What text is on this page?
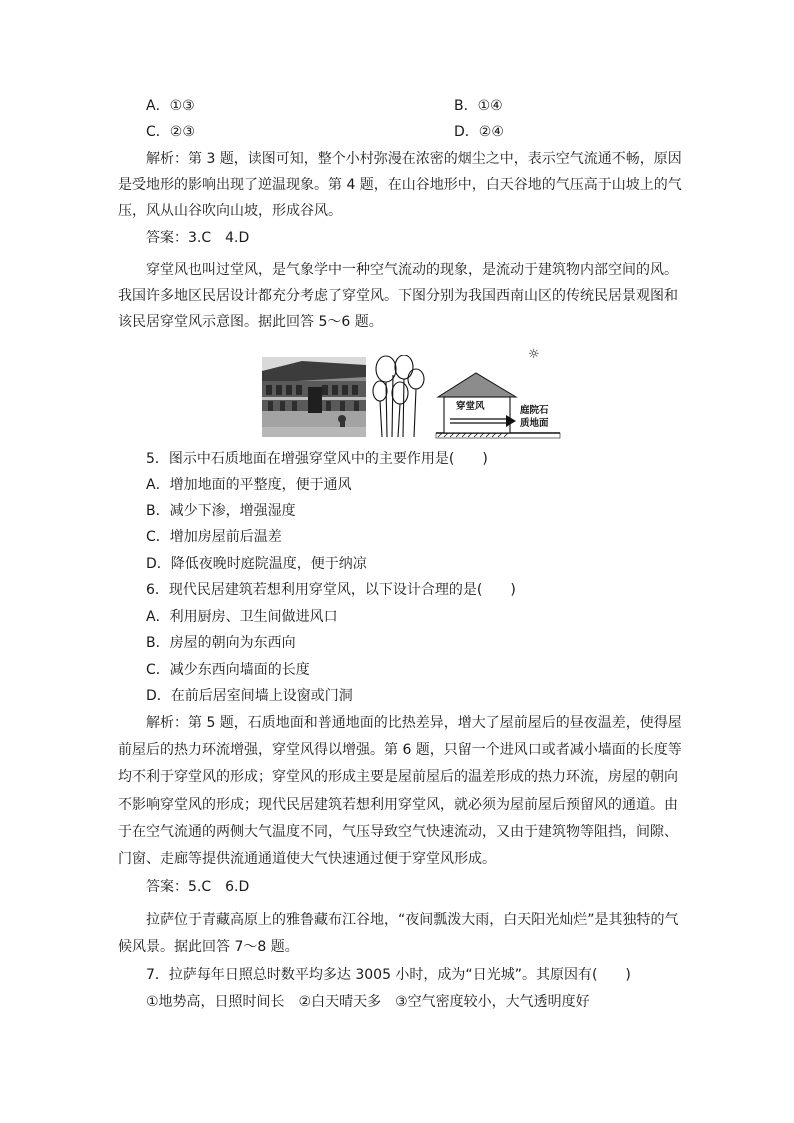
A．①③	B．①④
C．②③	D．②④
解析：第 3 题，读图可知，整个小村弥漫在浓密的烟尘之中，表示空气流通不畅，原因
是受地形的影响出现了逆温现象。第 4 题，在山谷地形中，白天谷地的气压高于山坡上的气
压，风从山谷吹向山坡，形成谷风。
答案：3.C　4.D
穿堂风也叫过堂风，是气象学中一种空气流动的现象，是流动于建筑物内部空间的风。
我国许多地区民居设计都充分考虑了穿堂风。下图分别为我国西南山区的传统民居景观图和
该民居穿堂风示意图。据此回答 5～6 题。
☼
穿堂风	庭院石
质地面
5．图示中石质地面在增强穿堂风中的主要作用是(　　)
A．增加地面的平整度，便于通风
B．减少下渗，增强湿度
C．增加房屋前后温差
D．降低夜晚时庭院温度，便于纳凉
6．现代民居建筑若想利用穿堂风，以下设计合理的是(　　)
A．利用厨房、卫生间做进风口
B．房屋的朝向为东西向
C．减少东西向墙面的长度
D．在前后居室间墙上设窗或门洞
解析：第 5 题，石质地面和普通地面的比热差异，增大了屋前屋后的昼夜温差，使得屋
前屋后的热力环流增强，穿堂风得以增强。第 6 题，只留一个进风口或者减小墙面的长度等
均不利于穿堂风的形成；穿堂风的形成主要是屋前屋后的温差形成的热力环流，房屋的朝向
不影响穿堂风的形成；现代民居建筑若想利用穿堂风，就必须为屋前屋后预留风的通道。由
于在空气流通的两侧大气温度不同，气压导致空气快速流动，又由于建筑物等阻挡，间隙、
门窗、走廊等提供流通通道使大气快速通过便于穿堂风形成。
答案：5.C　6.D
拉萨位于青藏高原上的雅鲁藏布江谷地，“夜间瓢泼大雨，白天阳光灿烂”是其独特的气
候风景。据此回答 7～8 题。
7．拉萨每年日照总时数平均多达 3005 小时，成为“日光城”。其原因有(　　)
①地势高，日照时间长　②白天晴天多　③空气密度较小，大气透明度好
